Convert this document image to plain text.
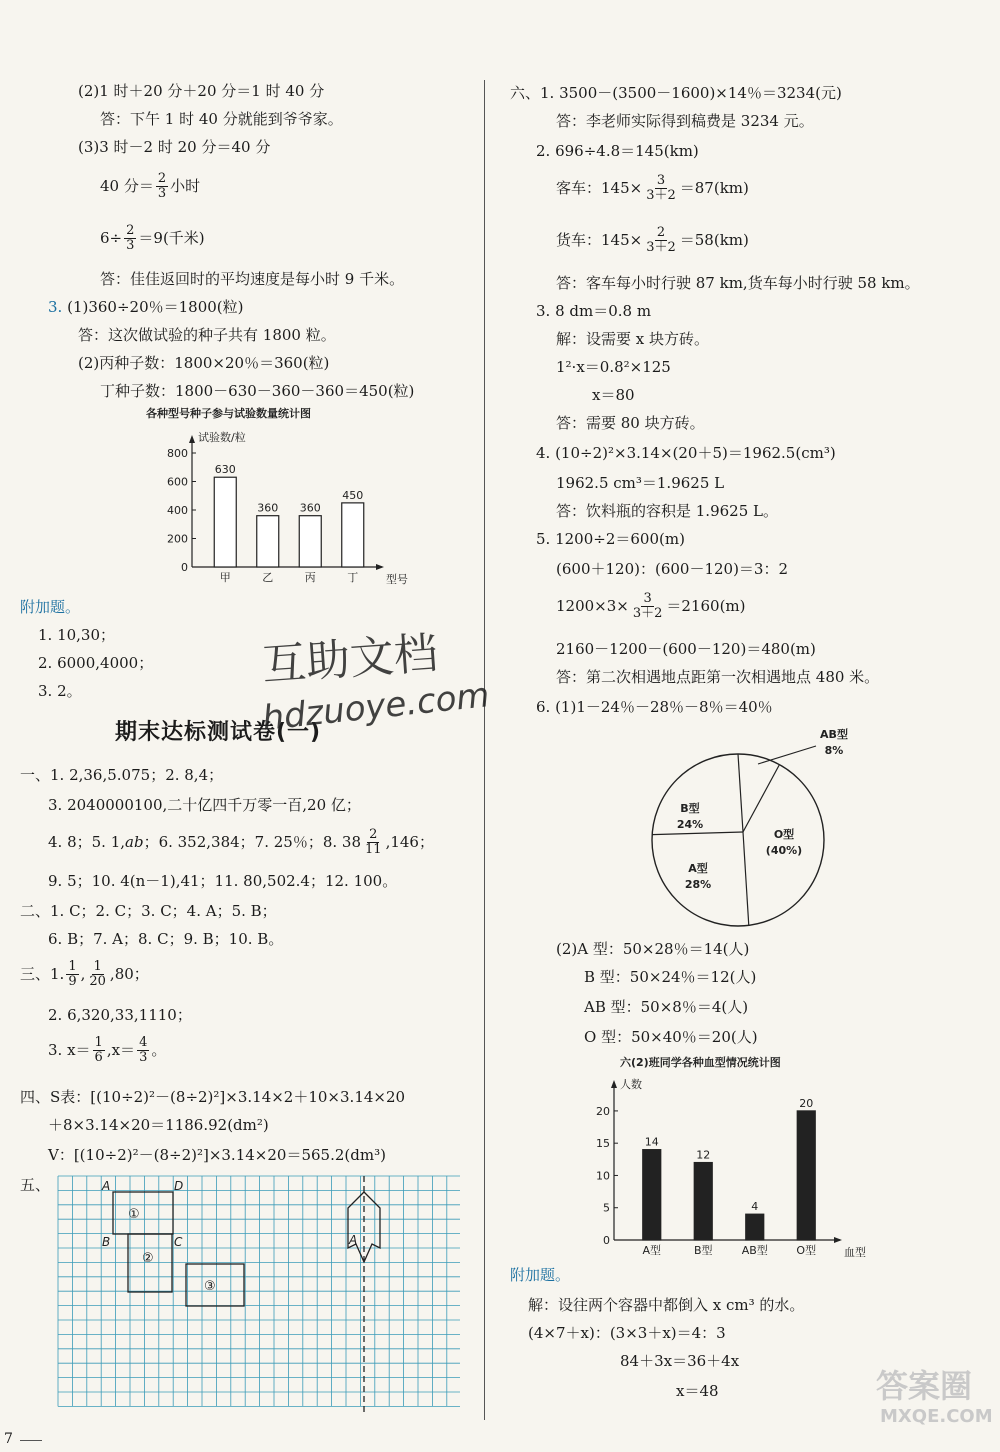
(2)1 时＋20 分＋20 分＝1 时 40 分
答：下午 1 时 40 分就能到爷爷家。
(3)3 时－2 时 20 分＝40 分
40 分＝ $\frac{2}{3}$ 小时
$6\div \frac{2}{3} =9$(千米)
答：佳佳返回时的平均速度是每小时 9 千米。
3. (1)360÷20％＝1800(粒)
答：这次做试验的种子共有 1800 粒。
(2)丙种子数：1800×20％＝360(粒)
丁种子数：1800－630－360－360＝450(粒)
各种型号种子参与试验数量统计图
试验数/粒
型号
0
200
400
600
800
630
甲
360
乙
360
丙
450
丁
附加题。
1. 10,30；
2. 6000,4000；
3. 2。
期末达标测试卷(一)
互助文档
hdzuoye.com
一、1. 2,36,5.075；2. 8,4；
3. 2040000100,二十亿四千万零一百,20 亿；
4. 8；5. 1, ab ；6. 352,384；7. 25％；8. $38 \frac{2}{11} ,146$；
9. 5；10. 4(n－1),41；11. 80,502.4；12. 100。
二、1. C；2. C；3. C；4. A；5. B；
6. B；7. A；8. C；9. B；10. B。
三、1. $\frac{1}{9}$ , $\frac{1}{20} ,80$；
2. 6,320,33,1110；
3. $x= \frac{1}{6} ,x= \frac{4}{3}$ 。
四、S表：[(10÷2)²－(8÷2)²]×3.14×2＋10×3.14×20
＋8×3.14×20＝1186.92(dm²)
V：[(10÷2)²－(8÷2)²]×3.14×20＝565.2(dm³)
五、	A	D
B	C	A
①
②
③
7
六、1. 3500－(3500－1600)×14％＝3234(元)
答：李老师实际得到稿费是 3234 元。
2. 696÷4.8＝145(km)
客车：$145\times \frac{3}{3+2} =87(km)$
货车：$145\times \frac{2}{3+2} =58(km)$
答：客车每小时行驶 87 km,货车每小时行驶 58 km。
3. 8 dm＝0.8 m
解：设需要 x 块方砖。
1²·x＝0.8²×125
x＝80
答：需要 80 块方砖。
4. (10÷2)²×3.14×(20＋5)＝1962.5(cm³)
1962.5 cm³＝1.9625 L
答：饮料瓶的容积是 1.9625 L。
5. 1200÷2＝600(m)
(600＋120)：(600－120)＝3：2
$1200\times 3\times \frac{3}{3+2} =2160(m)$
2160－1200－(600－120)＝480(m)
答：第二次相遇地点距第一次相遇地点 480 米。
6. (1)1－24％－28％－8％＝40％
B型
24%
O型
(40%)
A型
28%
AB型
8%
(2)A 型：50×28％＝14(人)
B 型：50×24％＝12(人)
AB 型：50×8％＝4(人)
O 型：50×40％＝20(人)
六(2)班同学各种血型情况统计图
人数
血型
0
5
10
15
20
14
A型
12
B型
4
AB型
20
O型
附加题。
解：设往两个容器中都倒入 x cm³ 的水。
(4×7＋x)：(3×3＋x)＝4：3
84＋3x＝36＋4x
x＝48	答案圈
MXQE.COM
